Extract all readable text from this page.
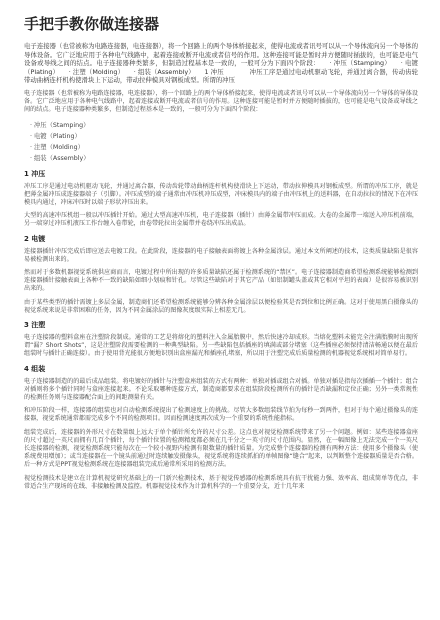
手把手教你做连接器

电子连接器（也常被称为电路连接器，电连接器），将一个回路上的两个导体桥接起来，使得电流或者讯号可以从一个导体流向另一个导体的导体设备。它广泛地应用于各种电气线路中，起着连接或断开电流或者信号的作用。这种连接可能是暂时并方便随时插拔的，也可能是电气设备或导线之间的结点。电子连接器种类繁多，但制造过程基本是一致的，一般可分为下面四个阶段：　　· 冲压（Stamping）　　· 电镀（Plating）　　· 注塑（Molding）　　· 组装（Assembly）　　1 冲压　　　　冲压工序是通过电动机驱动飞轮，并通过离合器，传动齿轮带动曲柄连杆机构使滑块上下运动，带动拉伸模具对钢板成型。所谓的冲压

电子连接器（也常被称为电路连接器，电连接器），将一个回路上的两个导体桥接起来，使得电流或者讯号可以从一个导体流向另一个导体的导体设备。它广泛地应用于各种电气线路中，起着连接或断开电流或者信号的作用。这种连接可能是暂时并方便随时插拔的，也可能是电气设备或导线之间的结点。电子连接器种类繁多，但制造过程基本是一致的，一般可分为下面四个阶段：

· 冲压（Stamping）
· 电镀（Plating）
· 注塑（Molding）
· 组装（Assembly）
1 冲压

冲压工序是通过电动机驱动飞轮，并通过离合器，传动齿轮带动曲柄连杆机构使滑块上下运动，带动拉伸模具对钢板成型。所谓的冲压工序，就是把薄金属冲压成连接器端子（引脚）。冲压成型的端子通常由冲压机冲压成型，冲床模具内的端子由冲压机上的送料器，在自动拉拉的情况下在冲压模具内通过，冲床冲压时以端子形状冲压出来。

大型的高速冲压机组一般以冲压插针开始。通过大型高速冲压机，电子连接器（插针）由薄金属带冲压而成。大卷的金属带一端送入冲压机前端，另一端穿过冲压机液压工作台缠入卷带轮，由卷带轮拉出金属带并卷绕冲压出成品。

2 电镀

连接器插针冲压完成后即应送去电镀工段。在此阶段，连接器的电子接触表面将镀上各种金属涂层。通过本文所阐述的技术，这类质量缺陷是很容易被检测出来的。

然而对于多数机器视觉系统供应商而言，电镀过程中所出现的许多质量缺陷还属于检测系统的“禁区”。电子连接器制造商希望检测系统能够检测到连接器插针接触表面上各种不一致的缺陷如细小划痕和针孔。尽管这些缺陷对于其它产品（如铝制罐头盖或其它相对平坦的表面）是很容易被识别出来的。

由于某些类型的插针需镀上多层金属，制造商们还希望检测系统能够分辨各种金属涂层以便检验其是否到位和比例正确。这对于使用黑白摄像头的视觉系统来说是非常困难的任务，因为不同金属涂层的图像灰度级实际上相差无几。

3 注塑

电子连接器的塑料盒座在注塑阶段制成。通常的工艺是将熔化的塑料注入金属胎膜中，然后快速冷却成形。当熔化塑料未能完全注满胎膜时出现所谓“漏？Short Shots”，这是注塑阶段需要检测的一种典型缺陷。另一些缺陷包括插座的填满或部分堵塞（这些插座必须保持清洁畅通以便在最后组装时与插针正确连接）。由于使用背光能很方便地识别出盒座漏光和插座孔堵塞，所以用于注塑完成后质量检测的机器视觉系统相对简单易行。

4 组装

电子连接器制造的的最后成品组装。将电镀好的插针与注塑盒座组装的方式有两种：单独对插或组合对插。单独对插是指每次插插一个插针；组合对插则将多个插针同时与盒座连接起来。不论采取哪种连接方式，制造商都要求在组装阶段检测所有的插针是否缺漏和定位正确；另外一类常规性的检测任务则与连接器配合面上的间距测量有关。

和冲压阶段一样，连接器的组装也对自动检测系统提出了检测速度上的挑战。尽管大多数组装线节拍为每秒一到两件，但对于每个通过摄像头的连接器，视觉系统通常都需完成多个不同的检测项目。因而检测速度再次成为一个重要的系统性能指标。

组装完成后，连接器的外形尺寸在数量级上远大于单个插针所允许的尺寸公差。这点也对视觉检测系统带来了另一个问题。例如：某些连接器盒座的尺寸超过一英尺而拥有几百个插针，每个插针位置的检测精度都必须在几千分之一英寸的尺寸范围内。显然，在一幅图像上无法完成一个一英尺长连接器的检测，视觉检测系统只能每次在一个较小视野内检测有限数量的插针质量。为完成整个连接器的检测有两种方法：使用多个摄像头（使系统费用增加）；或当连接器在一个镜头前通过时连续触发摄像头，视觉系统将连续抓拍的单帧图像“缝合”起来，以判断整个连接器质量是否合格。后一种方式是PPT视觉检测系统在连接器组装完成后通常所采用的检测方法。

视觉检测技术是建立在计算机视觉研究基础上的一门新兴检测技术，基于视觉传感器的检测系统具有抗干扰能力强、效率高、组成简单等优点，非常适合生产现场的在线、非接触检测及监控。机器视觉技术作为计算机科学的一个重要分支，近十几年来
